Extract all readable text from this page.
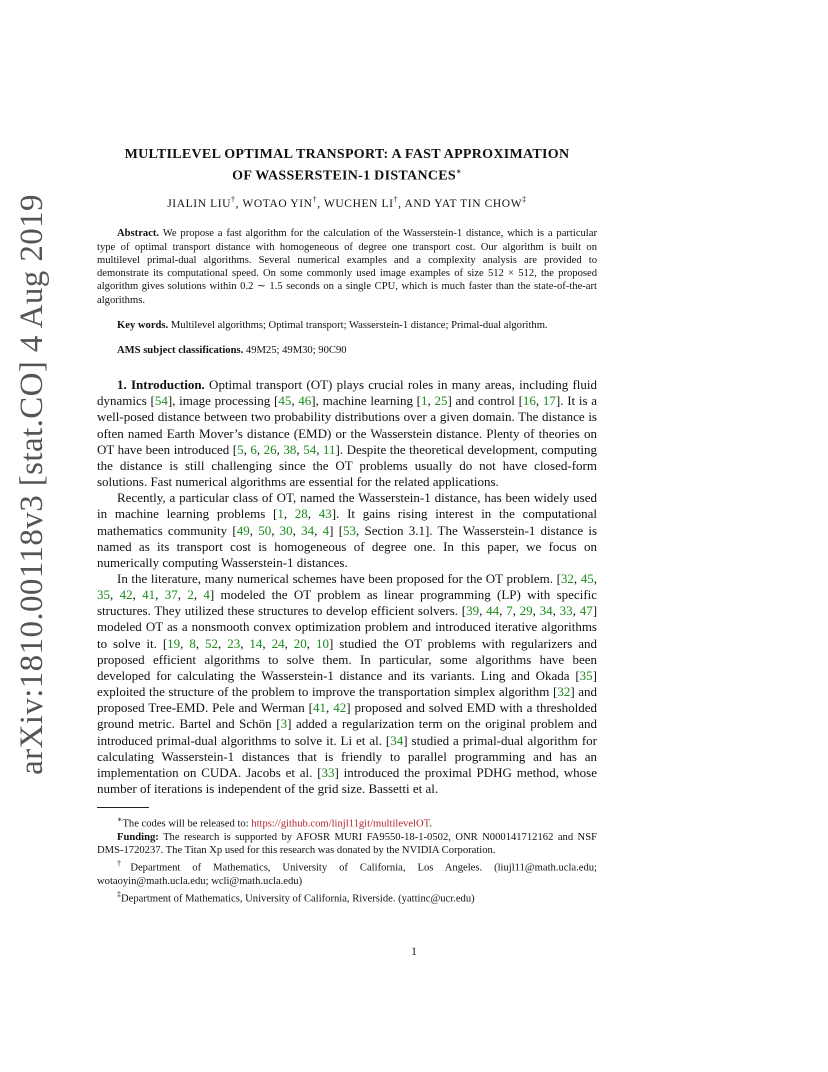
arXiv:1810.00118v3 [stat.CO] 4 Aug 2019
MULTILEVEL OPTIMAL TRANSPORT: A FAST APPROXIMATION
OF WASSERSTEIN-1 DISTANCES∗
JIALIN LIU†, WOTAO YIN†, WUCHEN LI†, AND YAT TIN CHOW‡

Abstract. We propose a fast algorithm for the calculation of the Wasserstein-1 distance, which is a particular type of optimal transport distance with homogeneous of degree one transport cost. Our algorithm is built on multilevel primal-dual algorithms. Several numerical examples and a complexity analysis are provided to demonstrate its computational speed. On some commonly used image examples of size 512 × 512, the proposed algorithm gives solutions within 0.2 ∼ 1.5 seconds on a single CPU, which is much faster than the state-of-the-art algorithms.

Key words. Multilevel algorithms; Optimal transport; Wasserstein-1 distance; Primal-dual algorithm.

AMS subject classifications. 49M25; 49M30; 90C90

1. Introduction. Optimal transport (OT) plays crucial roles in many areas, including fluid dynamics [54], image processing [45, 46], machine learning [1, 25] and control [16, 17]. It is a well-posed distance between two probability distributions over a given domain. The distance is often named Earth Mover’s distance (EMD) or the Wasserstein distance. Plenty of theories on OT have been introduced [5, 6, 26, 38, 54, 11]. Despite the theoretical development, computing the distance is still challenging since the OT problems usually do not have closed-form solutions. Fast numerical algorithms are essential for the related applications.

Recently, a particular class of OT, named the Wasserstein-1 distance, has been widely used in machine learning problems [1, 28, 43]. It gains rising interest in the computational mathematics community [49, 50, 30, 34, 4] [53, Section 3.1]. The Wasserstein-1 distance is named as its transport cost is homogeneous of degree one. In this paper, we focus on numerically computing Wasserstein-1 distances.

In the literature, many numerical schemes have been proposed for the OT problem. [32, 45, 35, 42, 41, 37, 2, 4] modeled the OT problem as linear programming (LP) with specific structures. They utilized these structures to develop efficient solvers. [39, 44, 7, 29, 34, 33, 47] modeled OT as a nonsmooth convex optimization problem and introduced iterative algorithms to solve it. [19, 8, 52, 23, 14, 24, 20, 10] studied the OT problems with regularizers and proposed efficient algorithms to solve them. In particular, some algorithms have been developed for calculating the Wasserstein-1 distance and its variants. Ling and Okada [35] exploited the structure of the problem to improve the transportation simplex algorithm [32] and proposed Tree-EMD. Pele and Werman [41, 42] proposed and solved EMD with a thresholded ground metric. Bartel and Schön [3] added a regularization term on the original problem and introduced primal-dual algorithms to solve it. Li et al. [34] studied a primal-dual algorithm for calculating Wasserstein-1 distances that is friendly to parallel programming and has an implementation on CUDA. Jacobs et al. [33] introduced the proximal PDHG method, whose number of iterations is independent of the grid size. Bassetti et al.

∗The codes will be released to: https://github.com/linjl11git/multilevelOT.

Funding: The research is supported by AFOSR MURI FA9550-18-1-0502, ONR N000141712162 and NSF DMS-1720237. The Titan Xp used for this research was donated by the NVIDIA Corporation.

†Department of Mathematics, University of California, Los Angeles. (liujl11@math.ucla.edu; wotaoyin@math.ucla.edu; wcli@math.ucla.edu)

‡Department of Mathematics, University of California, Riverside. (yattinc@ucr.edu)

1
